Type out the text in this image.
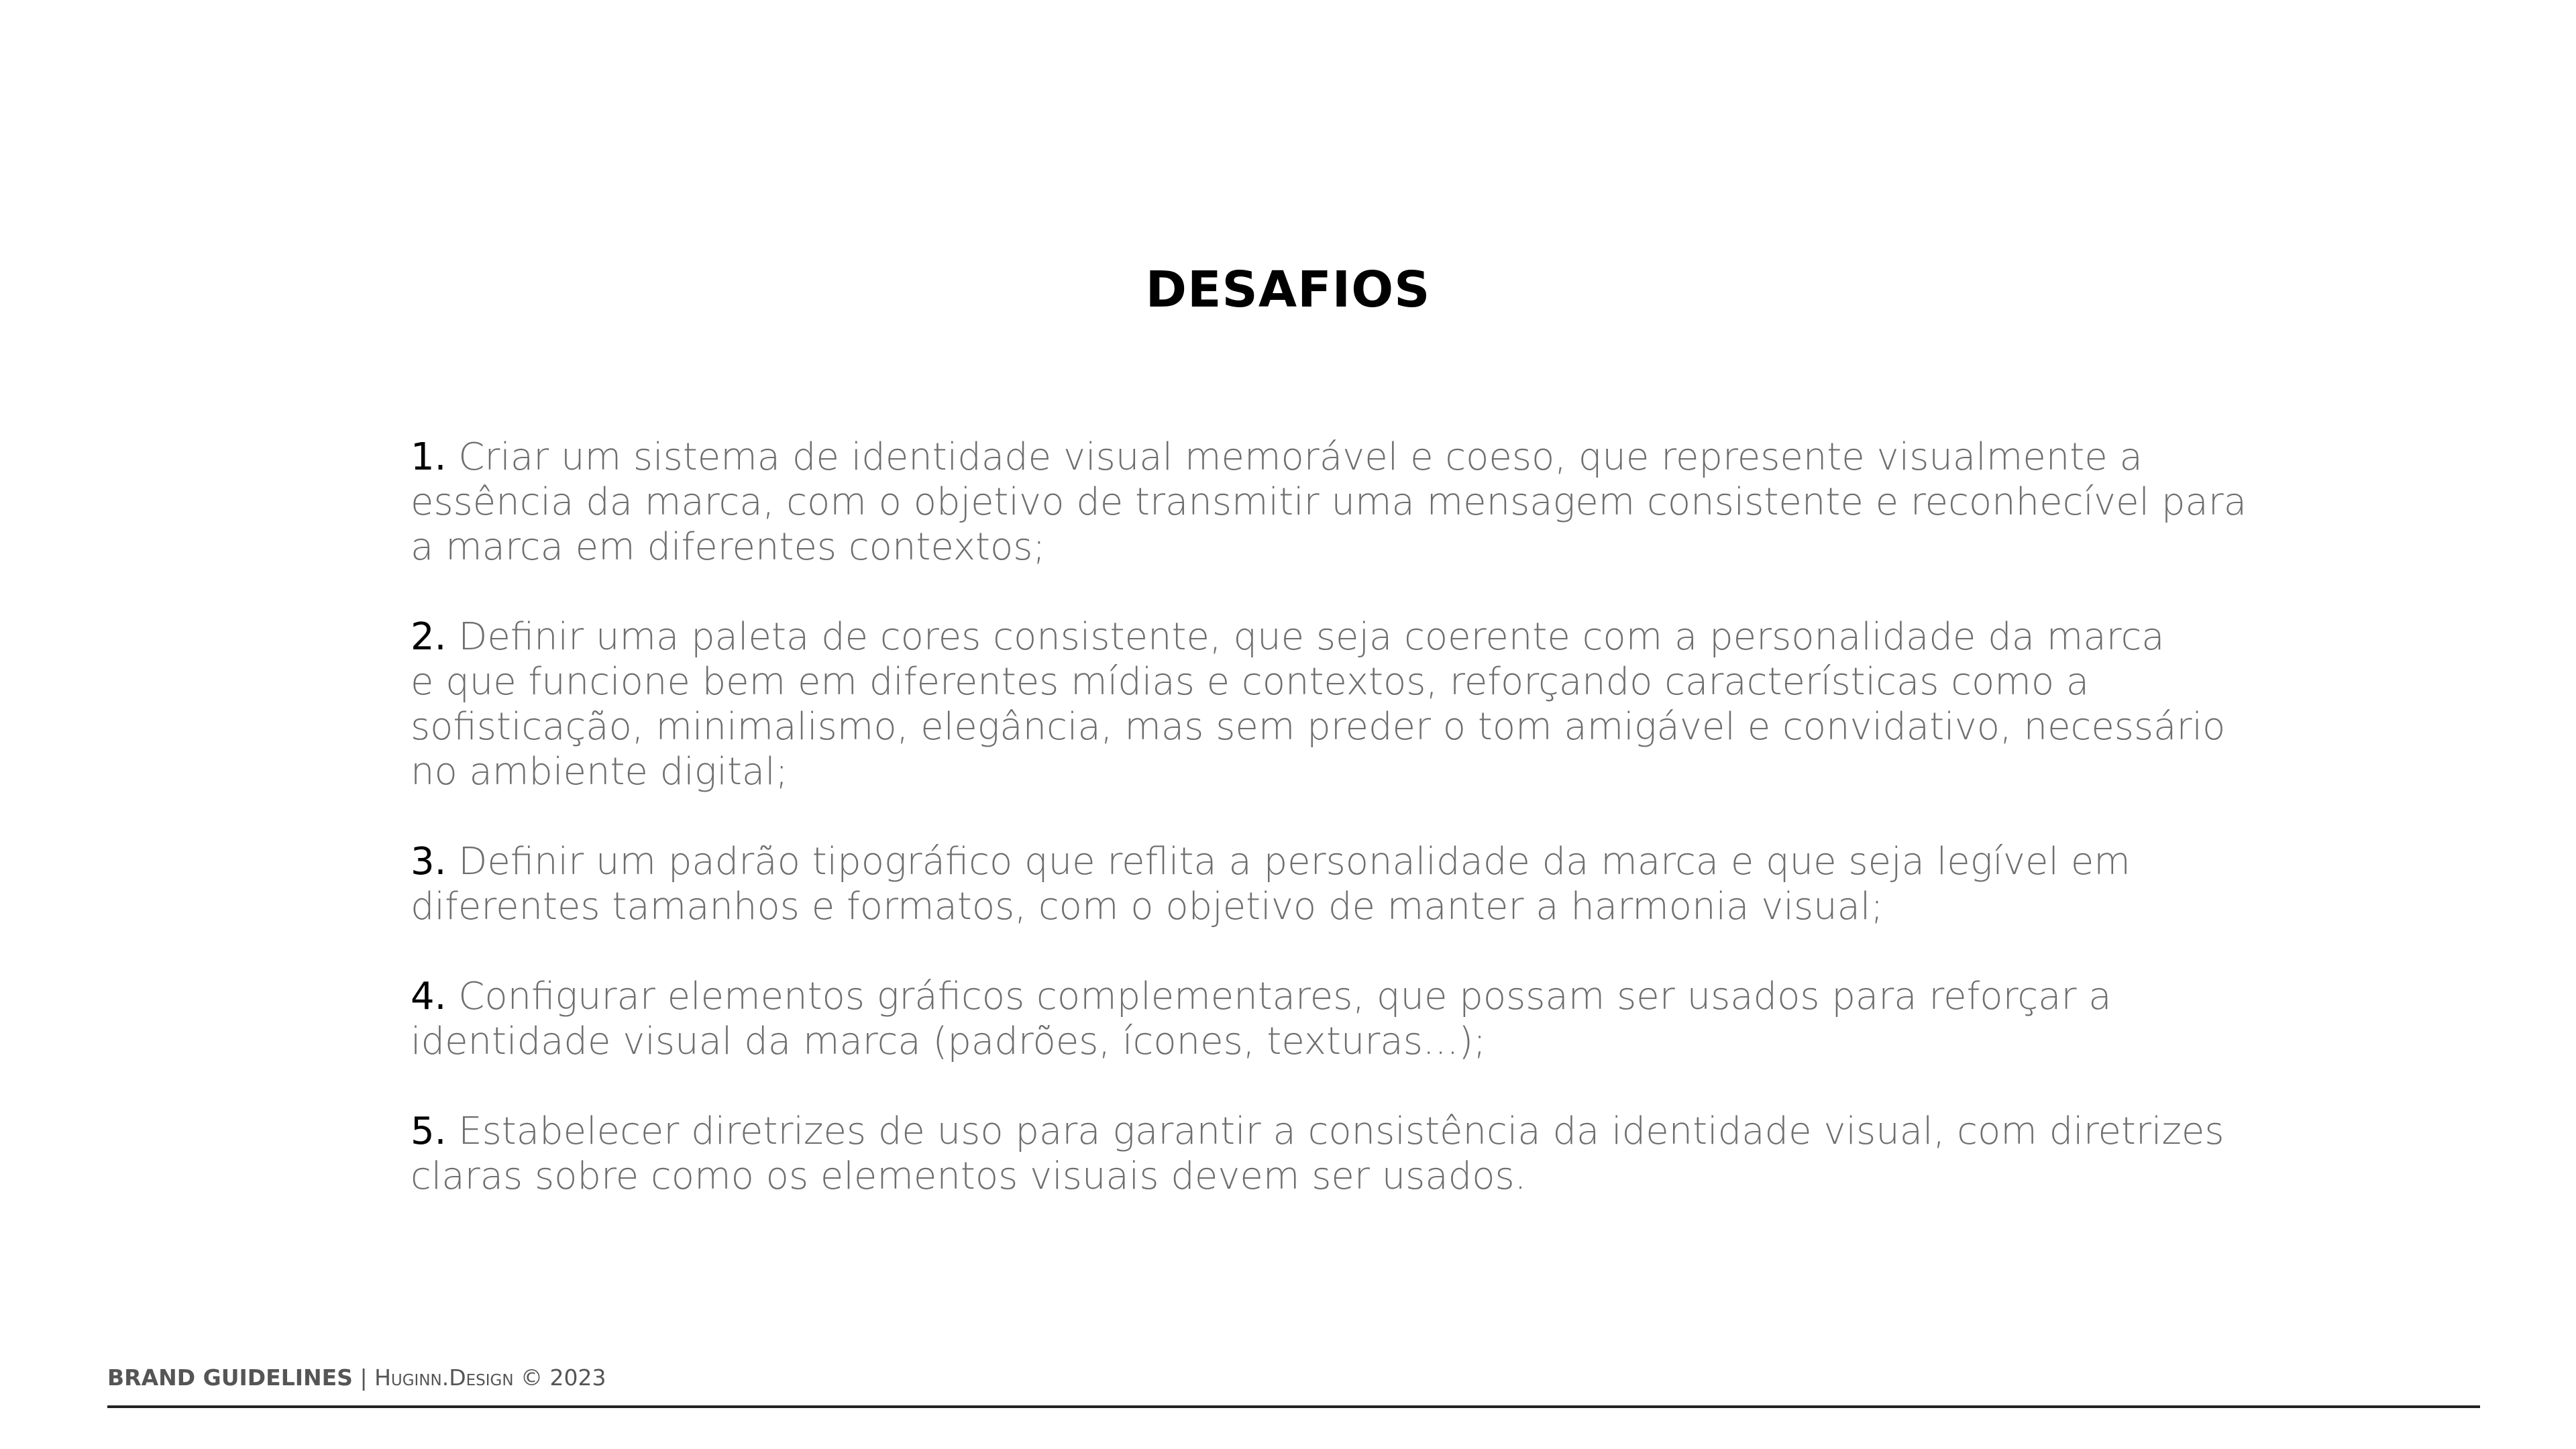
DESAFIOS
1. Criar um sistema de identidade visual memorável e coeso, que represente visualmente a
essência da marca, com o objetivo de transmitir uma mensagem consistente e reconhecível para
a marca em diferentes contextos;
2. Definir uma paleta de cores consistente, que seja coerente com a personalidade da marca
e que funcione bem em diferentes mídias e contextos, reforçando características como a
sofisticação, minimalismo, elegância, mas sem preder o tom amigável e convidativo, necessário
no ambiente digital;
3. Definir um padrão tipográfico que reflita a personalidade da marca e que seja legível em
diferentes tamanhos e formatos, com o objetivo de manter a harmonia visual;
4. Configurar elementos gráficos complementares, que possam ser usados para reforçar a
identidade visual da marca (padrões, ícones, texturas...);
5. Estabelecer diretrizes de uso para garantir a consistência da identidade visual, com diretrizes
claras sobre como os elementos visuais devem ser usados.
BRAND GUIDELINES | Huginn.Design © 2023
